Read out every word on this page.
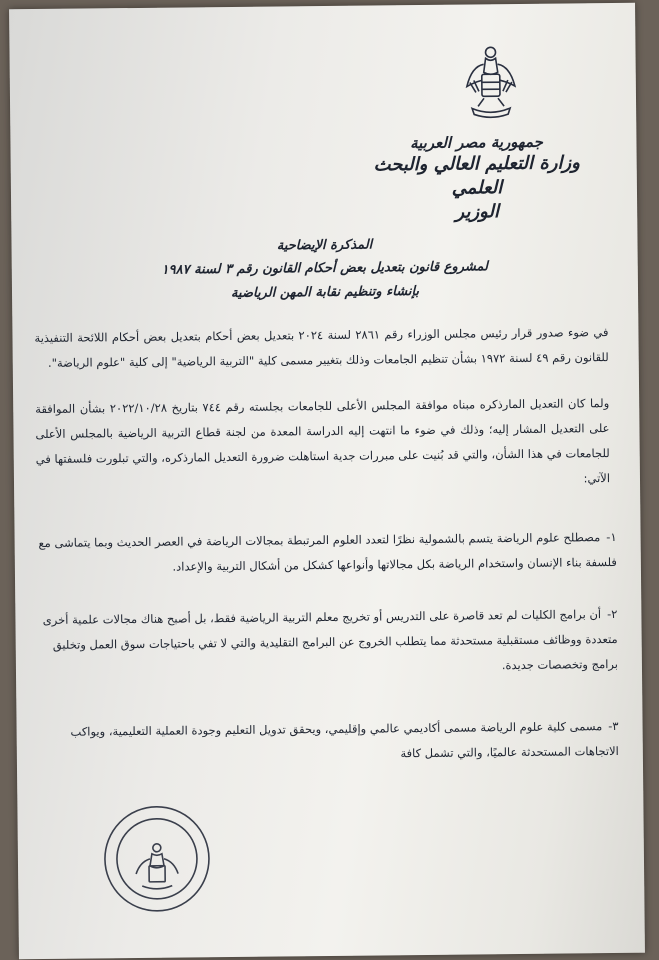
جمهورية مصر العربية
وزارة التعليم العالي والبحث العلمي
الوزير
المذكرة الإيضاحية
لمشروع قانون بتعديل بعض أحكام القانون رقم ٣ لسنة ١٩٨٧
بإنشاء وتنظيم نقابة المهن الرياضية
في ضوء صدور قرار رئيس مجلس الوزراء رقم ٢٨٦١ لسنة ٢٠٢٤ بتعديل بعض أحكام بتعديل بعض أحكام اللائحة التنفيذية للقانون رقم ٤٩ لسنة ١٩٧٢ بشأن تنظيم الجامعات وذلك بتغيير مسمى كلية "التربية الرياضية" إلى كلية "علوم الرياضة".
ولما كان التعديل المارذكره مبناه موافقة المجلس الأعلى للجامعات بجلسته رقم ٧٤٤ بتاريخ ٢٠٢٢/١٠/٢٨ بشأن الموافقة على التعديل المشار إليه؛ وذلك في ضوء ما انتهت إليه الدراسة المعدة من لجنة قطاع التربية الرياضية بالمجلس الأعلى للجامعات في هذا الشأن، والتي قد بُنيت على مبررات جدية استاهلت ضرورة التعديل المارذكره، والتي تبلورت فلسفتها في الآتي:
١-مصطلح علوم الرياضة يتسم بالشمولية نظرًا لتعدد العلوم المرتبطة بمجالات الرياضة في العصر الحديث وبما يتماشى مع فلسفة بناء الإنسان واستخدام الرياضة بكل مجالاتها وأنواعها كشكل من أشكال التربية والإعداد.
٢-أن برامج الكليات لم تعد قاصرة على التدريس أو تخريج معلم التربية الرياضية فقط، بل أصبح هناك مجالات علمية أخرى متعددة ووظائف مستقبلية مستحدثة مما يتطلب الخروج عن البرامج التقليدية والتي لا تفي باحتياجات سوق العمل وتخليق برامج وتخصصات جديدة.
٣-مسمى كلية علوم الرياضة مسمى أكاديمي عالمي وإقليمي، ويحقق تدويل التعليم وجودة العملية التعليمية، ويواكب الاتجاهات المستحدثة عالميًا، والتي تشمل كافة
